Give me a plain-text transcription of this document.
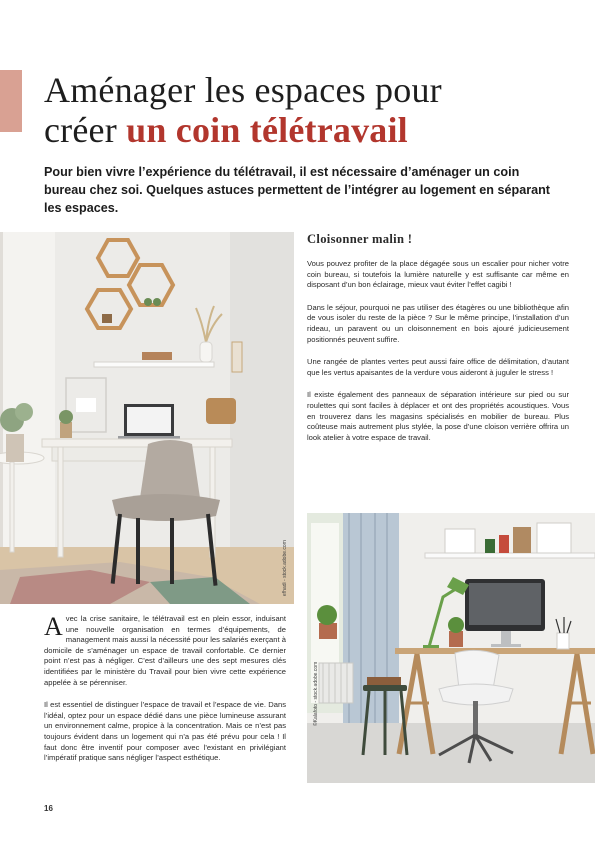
Aménager les espaces pour
créer un coin télétravail

Pour bien vivre l’expérience du télétravail, il est nécessaire d’aménager un coin bureau chez soi. Quelques astuces permettent de l’intégrer au logement en séparant les espaces.

efhadi - stock.adobe.com
Cloisonner malin !

Vous pouvez profiter de la place dégagée sous un escalier pour nicher votre coin bureau, si toutefois la lumière naturelle y est suffisante car même en disposant d’un bon éclairage, mieux vaut éviter l’effet cagibi !

Dans le séjour, pourquoi ne pas utiliser des étagères ou une bibliothèque afin de vous isoler du reste de la pièce ? Sur le même principe, l’installation d’un rideau, un paravent ou un cloisonnement en bois ajouré judicieusement positionnés peuvent suffire.

Une rangée de plantes vertes peut aussi faire office de délimitation, d’autant que les vertus apaisantes de la verdure vous aideront à juguler le stress !

Il existe également des panneaux de séparation intérieure sur pied ou sur roulettes qui sont faciles à déplacer et ont des propriétés acoustiques. Vous en trouverez dans les magasins spécialisés en mobilier de bureau. Plus coûteuse mais autrement plus stylée, la pose d’une cloison verrière offrira un look atelier à votre espace de travail.

©Kalafoto - stock.adobe.com

Avec la crise sanitaire, le télétravail est en plein essor, induisant une nouvelle organisation en termes d’équipements, de management mais aussi la nécessité pour les salariés exerçant à domicile de s’aménager un espace de travail confortable. Ce dernier point n’est pas à négliger. C’est d’ailleurs une des sept mesures clés identifiées par le ministère du Travail pour bien vivre cette expérience appelée à se pérenniser.

Il est essentiel de distinguer l’espace de travail et l’espace de vie. Dans l’idéal, optez pour un espace dédié dans une pièce lumineuse assurant un environnement calme, propice à la concentration. Mais ce n’est pas toujours évident dans un logement qui n’a pas été prévu pour cela ! Il faut donc être inventif pour composer avec l’existant en privilégiant l’impératif pratique sans négliger l’aspect esthétique.

16
